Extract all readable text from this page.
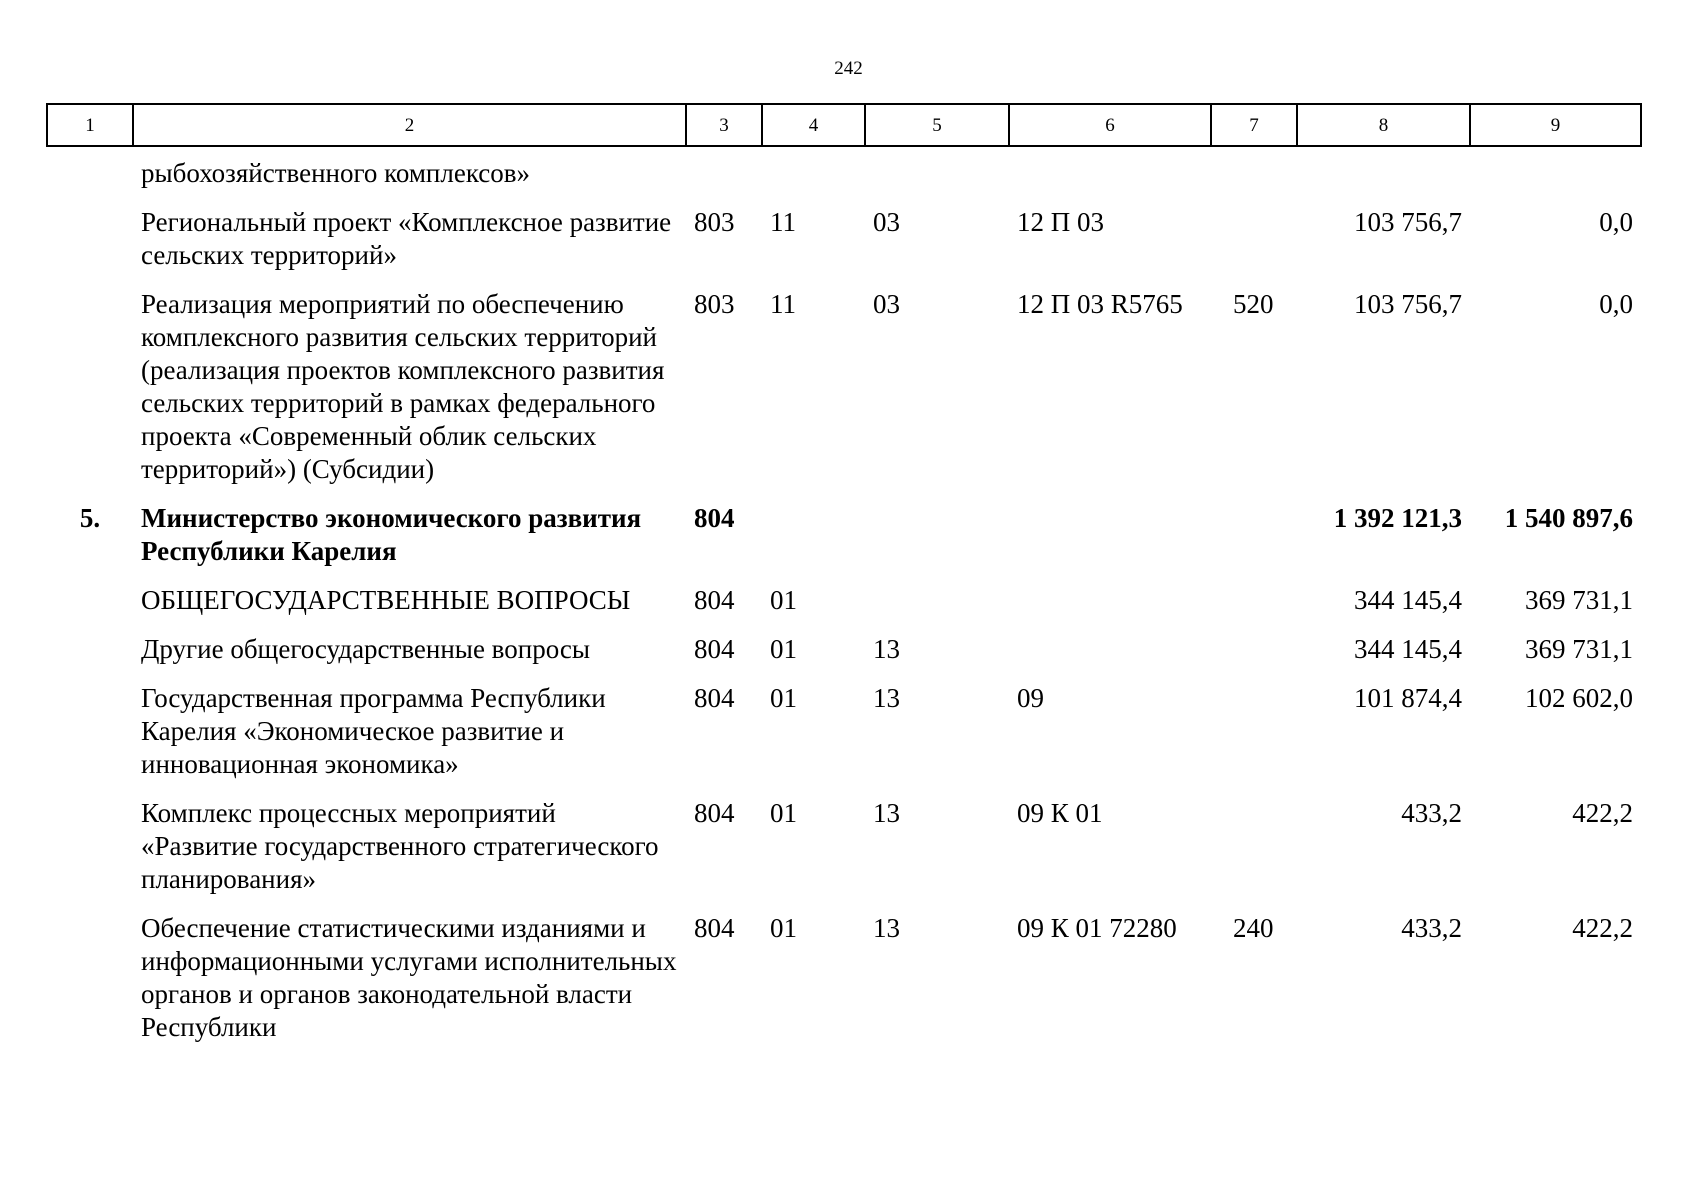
242
1	2	3	4	5	6	7	8	9
	рыбохозяйственного комплексов»							
	Региональный проект «Комплексное развитие сельских территорий»	803	11	03	12 П 03		103 756,7	0,0
	Реализация мероприятий по обеспечению комплексного развития сельских территорий (реализация проектов комплексного развития сельских территорий в рамках федерального проекта «Современный облик сельских территорий») (Субсидии)	803	11	03	12 П 03 R5765	520	103 756,7	0,0
5.	Министерство экономического развития Республики Карелия	804					1 392 121,3	1 540 897,6
	ОБЩЕГОСУДАРСТВЕННЫЕ ВОПРОСЫ	804	01				344 145,4	369 731,1
	Другие общегосударственные вопросы	804	01	13			344 145,4	369 731,1
	Государственная программа Республики Карелия «Экономическое развитие и инновационная экономика»	804	01	13	09		101 874,4	102 602,0
	Комплекс процессных мероприятий «Развитие государственного стратегического планирования»	804	01	13	09 К 01		433,2	422,2
	Обеспечение статистическими изданиями и информационными услугами исполнительных органов и органов законодательной власти Республики	804	01	13	09 К 01 72280	240	433,2	422,2
